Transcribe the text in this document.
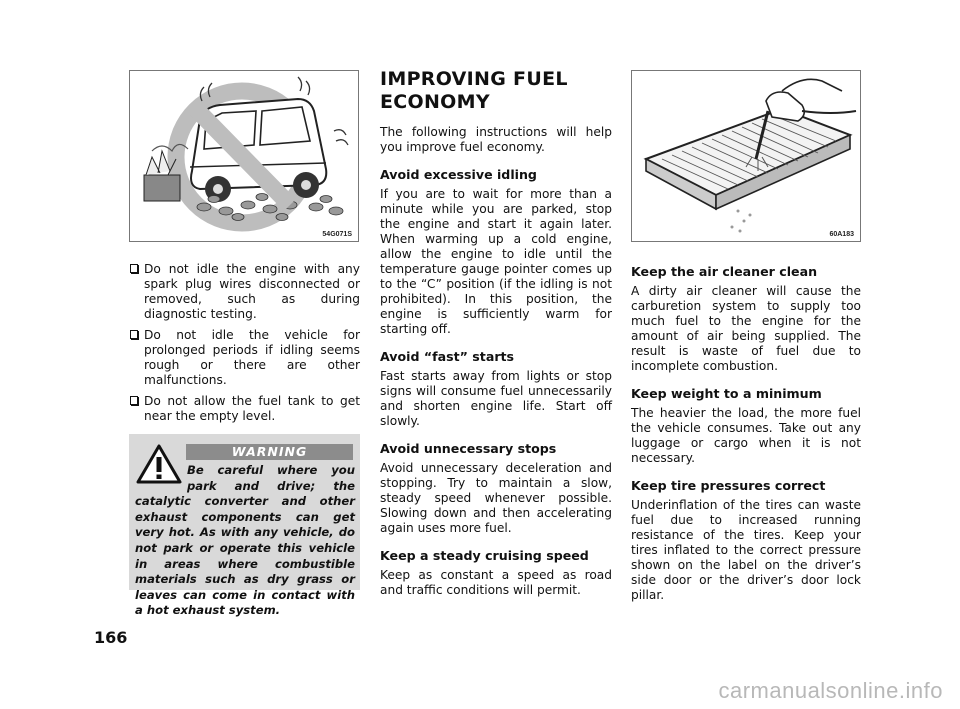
54G071S
Do not idle the engine with any spark plug wires disconnected or removed, such as during diagnostic testing.
Do not idle the vehicle for prolonged periods if idling seems rough or there are other malfunctions.
Do not allow the fuel tank to get near the empty level.
WARNING

Be careful where you park and drive; the catalytic converter and other exhaust components can get very hot. As with any vehicle, do not park or operate this vehicle in areas where combustible materials such as dry grass or leaves can come in contact with a hot exhaust system.

IMPROVING FUEL
ECONOMY

The following instructions will help you improve fuel economy.

Avoid excessive idling

If you are to wait for more than a minute while you are parked, stop the engine and start it again later. When warming up a cold engine, allow the engine to idle until the temperature gauge pointer comes up to the “C” position (if the idling is not prohibited). In this position, the engine is sufficiently warm for starting off.

Avoid “fast” starts

Fast starts away from lights or stop signs will consume fuel unnecessarily and shorten engine life. Start off slowly.

Avoid unnecessary stops

Avoid unnecessary deceleration and stopping. Try to maintain a slow, steady speed whenever possible. Slowing down and then accelerating again uses more fuel.

Keep a steady cruising speed

Keep as constant a speed as road and traffic conditions will permit.

60A183
Keep the air cleaner clean

A dirty air cleaner will cause the carburetion system to supply too much fuel to the engine for the amount of air being supplied. The result is waste of fuel due to incomplete combustion.

Keep weight to a minimum

The heavier the load, the more fuel the vehicle consumes. Take out any luggage or cargo when it is not necessary.

Keep tire pressures correct

Underinflation of the tires can waste fuel due to increased running resistance of the tires. Keep your tires inflated to the correct pressure shown on the label on the driver’s side door or the driver’s door lock pillar.

166
carmanualsonline.info
